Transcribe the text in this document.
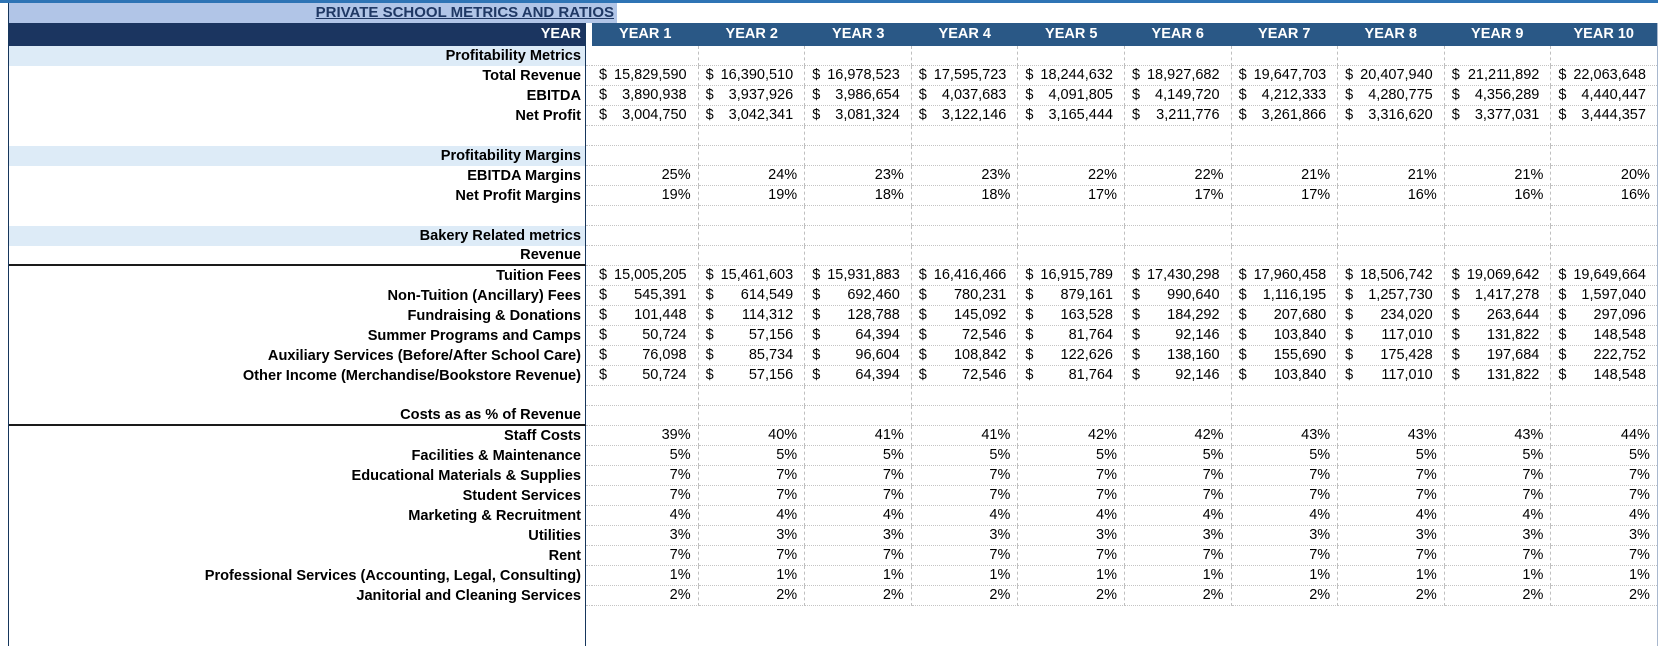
PRIVATE SCHOOL METRICS AND RATIOS
YEAR	YEAR 1	YEAR 2	YEAR 3	YEAR 4	YEAR 5	YEAR 6	YEAR 7	YEAR 8	YEAR 9	YEAR 10
Profitability Metrics
Total Revenue	$ 15,829,590 $ 16,390,510 $ 16,978,523 $ 17,595,723 $ 18,244,632 $ 18,927,682 $ 19,647,703 $ 20,407,940 $ 21,211,892 $ 22,063,648
EBITDA	$ 3,890,938 $ 3,937,926 $ 3,986,654 $ 4,037,683 $ 4,091,805 $ 4,149,720 $ 4,212,333 $ 4,280,775 $ 4,356,289 $ 4,440,447
Net Profit	$ 3,004,750 $ 3,042,341 $ 3,081,324 $ 3,122,146 $ 3,165,444 $ 3,211,776 $ 3,261,866 $ 3,316,620 $ 3,377,031 $ 3,444,357
Profitability Margins
EBITDA Margins	25%	24%	23%	23%	22%	22%	21%	21%	21%	20%
Net Profit Margins	19%	19%	18%	18%	17%	17%	17%	16%	16%	16%
Bakery Related metrics
Revenue
Tuition Fees	$ 15,005,205 $ 15,461,603 $ 15,931,883 $ 16,416,466 $ 16,915,789 $ 17,430,298 $ 17,960,458 $ 18,506,742 $ 19,069,642 $ 19,649,664
Non-Tuition (Ancillary) Fees	$ 545,391 $ 614,549 $ 692,460 $ 780,231 $ 879,161 $ 990,640 $ 1,116,195 $ 1,257,730 $ 1,417,278 $ 1,597,040
Fundraising & Donations	$ 101,448 $ 114,312 $ 128,788 $ 145,092 $ 163,528 $ 184,292 $ 207,680 $ 234,020 $ 263,644 $ 297,096
Summer Programs and Camps	$ 50,724 $ 57,156 $ 64,394 $ 72,546 $ 81,764 $ 92,146 $ 103,840 $ 117,010 $ 131,822 $ 148,548
Auxiliary Services (Before/After School Care)	$ 76,098 $ 85,734 $ 96,604 $ 108,842 $ 122,626 $ 138,160 $ 155,690 $ 175,428 $ 197,684 $ 222,752
Other Income (Merchandise/Bookstore Revenue)	$ 50,724 $ 57,156 $ 64,394 $ 72,546 $ 81,764 $ 92,146 $ 103,840 $ 117,010 $ 131,822 $ 148,548
Costs as as % of Revenue
Staff Costs	39%	40%	41%	41%	42%	42%	43%	43%	43%	44%
Facilities & Maintenance	5%	5%	5%	5%	5%	5%	5%	5%	5%	5%
Educational Materials & Supplies	7%	7%	7%	7%	7%	7%	7%	7%	7%	7%
Student Services	7%	7%	7%	7%	7%	7%	7%	7%	7%	7%
Marketing & Recruitment	4%	4%	4%	4%	4%	4%	4%	4%	4%	4%
Utilities	3%	3%	3%	3%	3%	3%	3%	3%	3%	3%
Rent	7%	7%	7%	7%	7%	7%	7%	7%	7%	7%
Professional Services (Accounting, Legal, Consulting)	1%	1%	1%	1%	1%	1%	1%	1%	1%	1%
Janitorial and Cleaning Services	2%	2%	2%	2%	2%	2%	2%	2%	2%	2%
